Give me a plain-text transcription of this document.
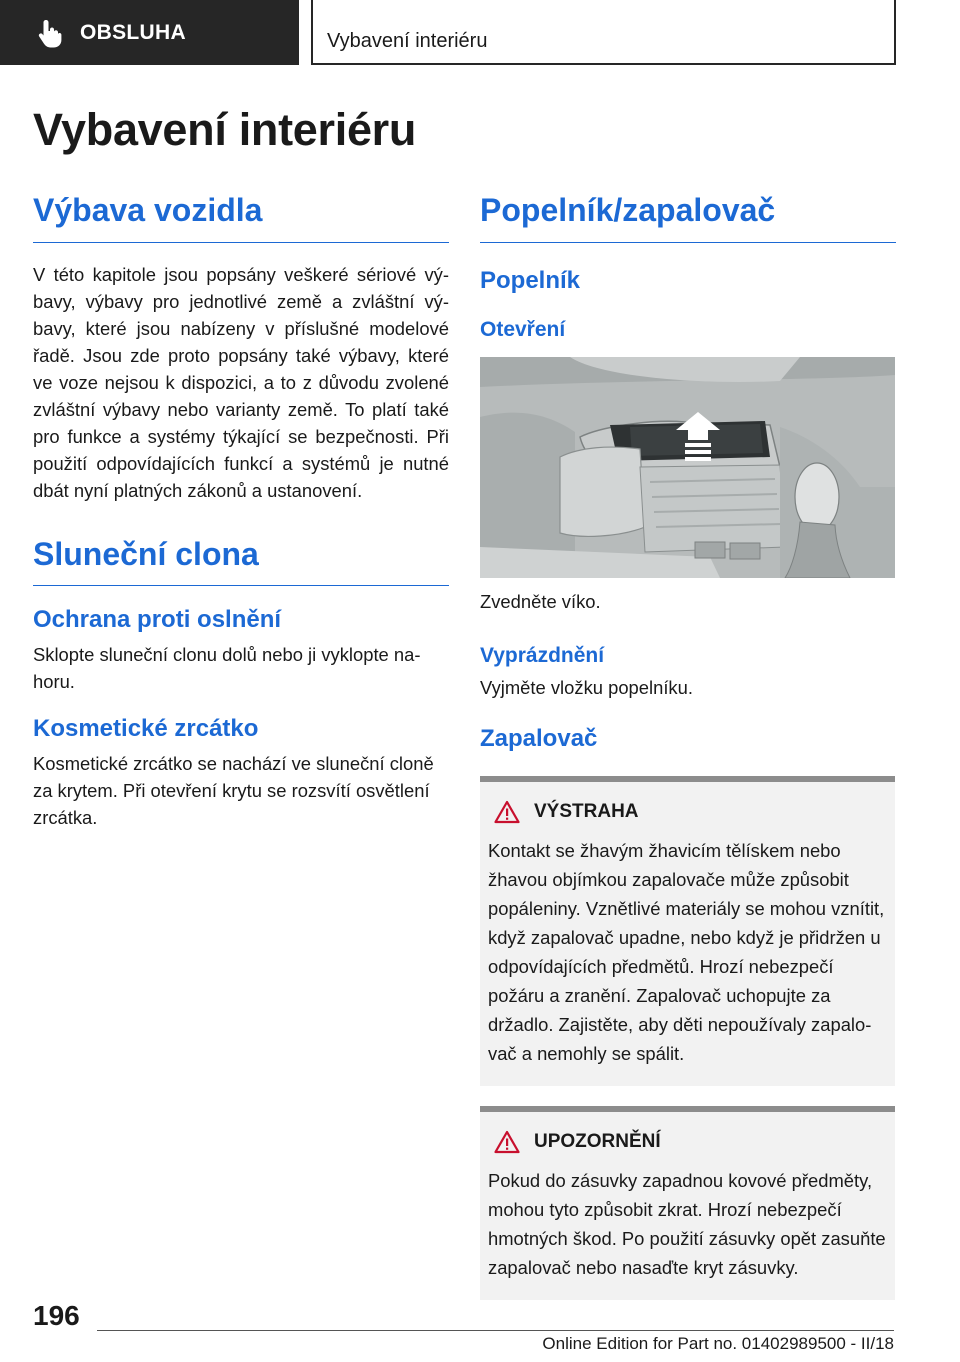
OBSLUHA	Vybavení interiéru
Vybavení interiéru
Výbava vozidla

V této kapitole jsou popsány veškeré sériové výbavy, výbavy pro jednotlivé země a zvláštní výbavy, které jsou nabízeny v příslušné modelové řadě. Jsou zde proto popsány také výbavy, které ve voze nejsou k dispozici, a to z důvodu zvolené zvláštní výbavy nebo varianty země. To platí také pro funkce a systémy týkající se bezpečnosti. Při použití odpovídajících funkcí a systémů je nutné dbát nyní platných zákonů a ustanovení.

Sluneční clona
Ochrana proti oslnění

Sklopte sluneční clonu dolů nebo ji vyklopte nahoru.

Kosmetické zrcátko

Kosmetické zrcátko se nachází ve sluneční cloně za krytem. Při otevření krytu se rozsvítí osvětlení zrcátka.

Popelník/zapalovač
Popelník
Otevření

Zvedněte víko.

Vyprázdnění

Vyjměte vložku popelníku.

Zapalovač
VÝSTRAHA

Kontakt se žhavým žhavicím tělískem nebo žhavou objímkou zapalovače může způsobit popáleniny. Vznětlivé materiály se mohou vznítit, když zapalovač upadne, nebo když je přidržen u odpovídajících předmětů. Hrozí nebezpečí požáru a zranění. Zapalovač uchopujte za držadlo. Zajistěte, aby děti nepoužívaly zapalovač a nemohly se spálit.

UPOZORNĚNÍ

Pokud do zásuvky zapadnou kovové předměty, mohou tyto způsobit zkrat. Hrozí nebezpečí hmotných škod. Po použití zásuvky opět zasuňte zapalovač nebo nasaďte kryt zásuvky.

196
Online Edition for Part no. 01402989500 - II/18
